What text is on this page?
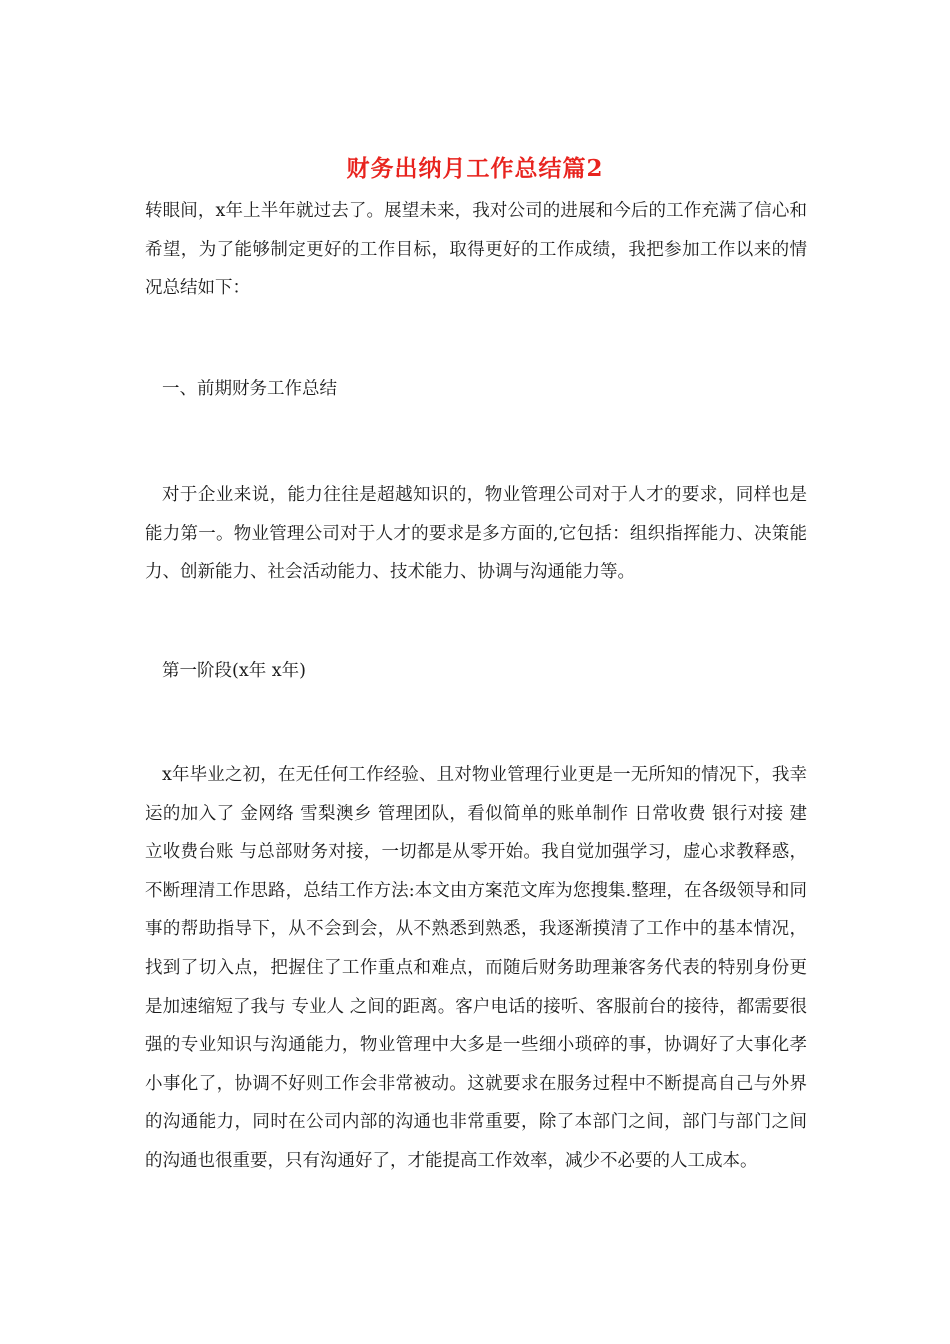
财务出纳月工作总结篇2

转眼间，x年上半年就过去了。展望未来，我对公司的进展和今后的工作充满了信心和希望，为了能够制定更好的工作目标，取得更好的工作成绩，我把参加工作以来的情况总结如下：

一、前期财务工作总结

对于企业来说，能力往往是超越知识的，物业管理公司对于人才的要求，同样也是能力第一。物业管理公司对于人才的要求是多方面的,它包括：组织指挥能力、决策能力、创新能力、社会活动能力、技术能力、协调与沟通能力等。

第一阶段(x年 x年)

x年毕业之初，在无任何工作经验、且对物业管理行业更是一无所知的情况下，我幸运的加入了 金网络 雪梨澳乡 管理团队，看似简单的账单制作 日常收费 银行对接 建立收费台账 与总部财务对接，一切都是从零开始。我自觉加强学习，虚心求教释惑，不断理清工作思路，总结工作方法:本文由方案范文库为您搜集.整理，在各级领导和同事的帮助指导下，从不会到会，从不熟悉到熟悉，我逐渐摸清了工作中的基本情况，找到了切入点，把握住了工作重点和难点，而随后财务助理兼客务代表的特别身份更是加速缩短了我与 专业人 之间的距离。客户电话的接听、客服前台的接待，都需要很强的专业知识与沟通能力，物业管理中大多是一些细小琐碎的事，协调好了大事化孝小事化了，协调不好则工作会非常被动。这就要求在服务过程中不断提高自己与外界的沟通能力，同时在公司内部的沟通也非常重要，除了本部门之间，部门与部门之间的沟通也很重要，只有沟通好了，才能提高工作效率，减少不必要的人工成本。
